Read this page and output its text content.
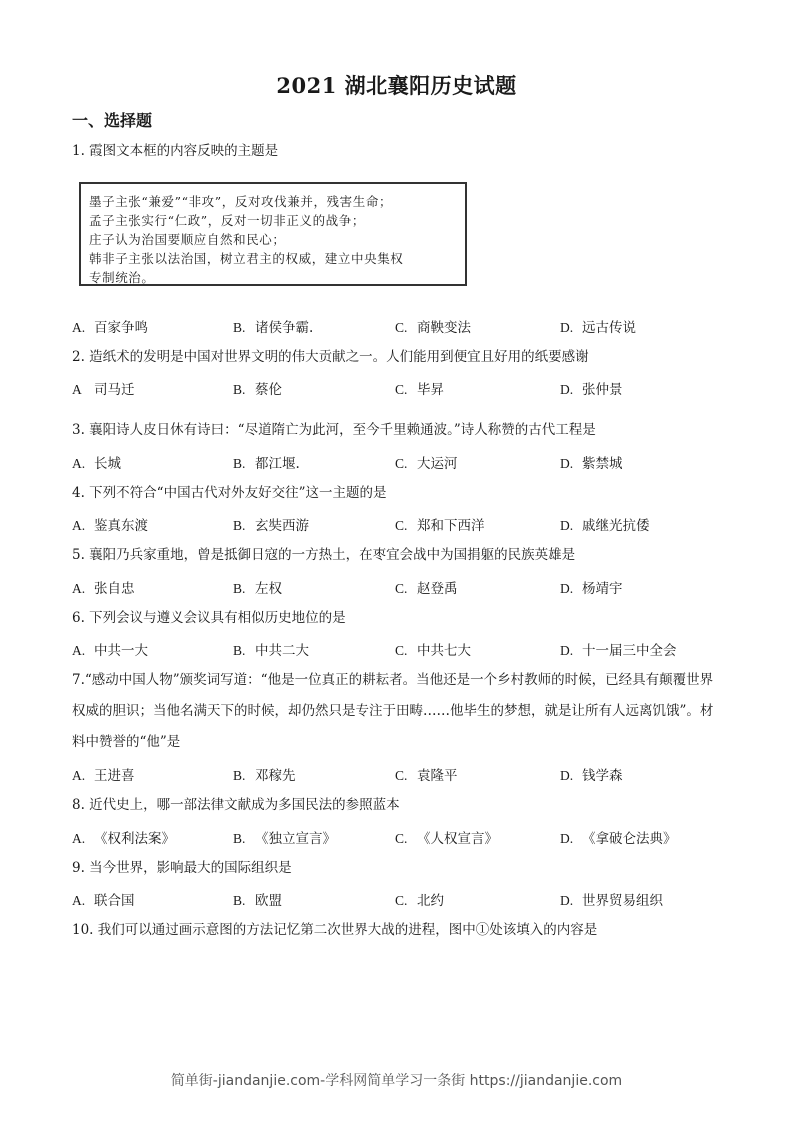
2021 湖北襄阳历史试题
一、选择题
1. 霞图文本框的内容反映的主题是
墨子主张“兼爱”“非攻”，反对攻伐兼并，残害生命；
孟子主张实行“仁政”，反对一切非正义的战争；
庄子认为治国要顺应自然和民心；
韩非子主张以法治国，树立君主的权威，建立中央集权
专制统治。
A. 百家争鸣	B. 诸侯争霸.	C. 商鞅变法	D. 远古传说
2. 造纸术的发明是中国对世界文明的伟大贡献之一。人们能用到便宜且好用的纸要感谢
A 司马迁	B. 蔡伦	C. 毕昇	D. 张仲景
3. 襄阳诗人皮日休有诗曰：“尽道隋亡为此河，至今千里赖通波。”诗人称赞的古代工程是
A. 长城	B. 都江堰.	C. 大运河	D. 紫禁城
4. 下列不符合“中国古代对外友好交往”这一主题的是
A. 鉴真东渡	B. 玄奘西游	C. 郑和下西洋	D. 戚继光抗倭
5. 襄阳乃兵家重地，曾是抵御日寇的一方热土，在枣宜会战中为国捐躯的民族英雄是
A. 张自忠	B. 左权	C. 赵登禹	D. 杨靖宇
6. 下列会议与遵义会议具有相似历史地位的是
A. 中共一大	B. 中共二大	C. 中共七大	D. 十一届三中全会
7.“感动中国人物”颁奖词写道：“他是一位真正的耕耘者。当他还是一个乡村教师的时候，已经具有颠覆世界权威的胆识；当他名满天下的时候，却仍然只是专注于田畴……他毕生的梦想，就是让所有人远离饥饿”。材料中赞誉的“他”是
A. 王进喜	B. 邓稼先	C. 袁隆平	D. 钱学森
8. 近代史上，哪一部法律文献成为多国民法的参照蓝本
A. 《权利法案》	B. 《独立宣言》	C. 《人权宣言》	D. 《拿破仑法典》
9. 当今世界，影响最大的国际组织是
A. 联合国	B. 欧盟	C. 北约	D. 世界贸易组织
10. 我们可以通过画示意图的方法记忆第二次世界大战的进程，图中①处该填入的内容是
简单街-jiandanjie.com-学科网简单学习一条街 https://jiandanjie.com
